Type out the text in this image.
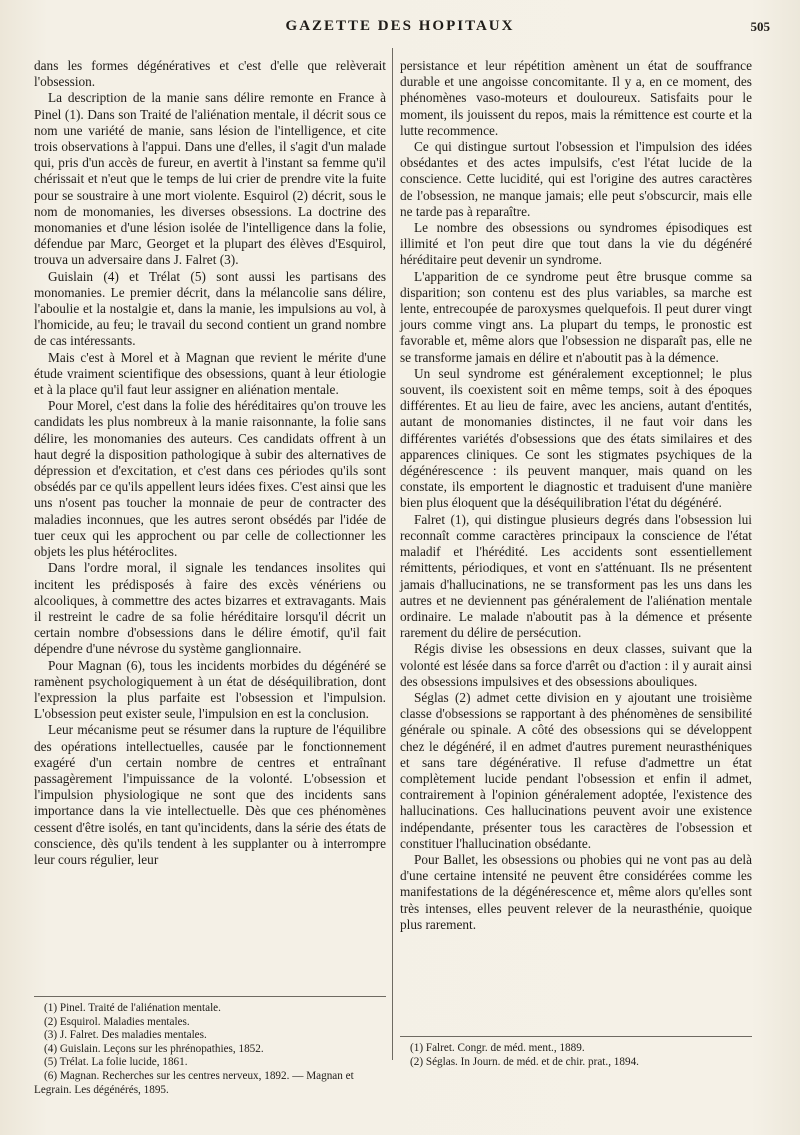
GAZETTE DES HOPITAUX	505

dans les formes dégénératives et c'est d'elle que relèverait l'obsession.

La description de la manie sans délire remonte en France à Pinel (1). Dans son Traité de l'aliénation mentale, il décrit sous ce nom une variété de manie, sans lésion de l'intelligence, et cite trois observations à l'appui. Dans une d'elles, il s'agit d'un malade qui, pris d'un accès de fureur, en avertit à l'instant sa femme qu'il chérissait et n'eut que le temps de lui crier de prendre vite la fuite pour se soustraire à une mort violente. Esquirol (2) décrit, sous le nom de monomanies, les diverses obsessions. La doctrine des monomanies et d'une lésion isolée de l'intelligence dans la folie, défendue par Marc, Georget et la plupart des élèves d'Esquirol, trouva un adversaire dans J. Falret (3).

Guislain (4) et Trélat (5) sont aussi les partisans des monomanies. Le premier décrit, dans la mélancolie sans délire, l'aboulie et la nostalgie et, dans la manie, les impulsions au vol, à l'homicide, au feu; le travail du second contient un grand nombre de cas intéressants.

Mais c'est à Morel et à Magnan que revient le mérite d'une étude vraiment scientifique des obsessions, quant à leur étiologie et à la place qu'il faut leur assigner en aliénation mentale.

Pour Morel, c'est dans la folie des héréditaires qu'on trouve les candidats les plus nombreux à la manie raisonnante, la folie sans délire, les monomanies des auteurs. Ces candidats offrent à un haut degré la disposition pathologique à subir des alternatives de dépression et d'excitation, et c'est dans ces périodes qu'ils sont obsédés par ce qu'ils appellent leurs idées fixes. C'est ainsi que les uns n'osent pas toucher la monnaie de peur de contracter des maladies inconnues, que les autres seront obsédés par l'idée de tuer ceux qui les approchent ou par celle de collectionner les objets les plus hétéroclites.

Dans l'ordre moral, il signale les tendances insolites qui incitent les prédisposés à faire des excès vénériens ou alcooliques, à commettre des actes bizarres et extravagants. Mais il restreint le cadre de sa folie héréditaire lorsqu'il décrit un certain nombre d'obsessions dans le délire émotif, qu'il fait dépendre d'une névrose du système ganglionnaire.

Pour Magnan (6), tous les incidents morbides du dégénéré se ramènent psychologiquement à un état de déséquilibration, dont l'expression la plus parfaite est l'obsession et l'impulsion. L'obsession peut exister seule, l'impulsion en est la conclusion.

Leur mécanisme peut se résumer dans la rupture de l'équilibre des opérations intellectuelles, causée par le fonctionnement exagéré d'un certain nombre de centres et entraînant passagèrement l'impuissance de la volonté. L'obsession et l'impulsion physiologique ne sont que des incidents sans importance dans la vie intellectuelle. Dès que ces phénomènes cessent d'être isolés, en tant qu'incidents, dans la série des états de conscience, dès qu'ils tendent à les supplanter ou à interrompre leur cours régulier, leur

persistance et leur répétition amènent un état de souffrance durable et une angoisse concomitante. Il y a, en ce moment, des phénomènes vaso-moteurs et douloureux. Satisfaits pour le moment, ils jouissent du repos, mais la rémittence est courte et la lutte recommence.

Ce qui distingue surtout l'obsession et l'impulsion des idées obsédantes et des actes impulsifs, c'est l'état lucide de la conscience. Cette lucidité, qui est l'origine des autres caractères de l'obsession, ne manque jamais; elle peut s'obscurcir, mais elle ne tarde pas à reparaître.

Le nombre des obsessions ou syndromes épisodiques est illimité et l'on peut dire que tout dans la vie du dégénéré héréditaire peut devenir un syndrome.

L'apparition de ce syndrome peut être brusque comme sa disparition; son contenu est des plus variables, sa marche est lente, entrecoupée de paroxysmes quelquefois. Il peut durer vingt jours comme vingt ans. La plupart du temps, le pronostic est favorable et, même alors que l'obsession ne disparaît pas, elle ne se transforme jamais en délire et n'aboutit pas à la démence.

Un seul syndrome est généralement exceptionnel; le plus souvent, ils coexistent soit en même temps, soit à des époques différentes. Et au lieu de faire, avec les anciens, autant d'entités, autant de monomanies distinctes, il ne faut voir dans les différentes variétés d'obsessions que des états similaires et des apparences cliniques. Ce sont les stigmates psychiques de la dégénérescence : ils peuvent manquer, mais quand on les constate, ils emportent le diagnostic et traduisent d'une manière bien plus éloquent que la déséquilibration l'état du dégénéré.

Falret (1), qui distingue plusieurs degrés dans l'obsession lui reconnaît comme caractères principaux la conscience de l'état maladif et l'hérédité. Les accidents sont essentiellement rémittents, périodiques, et vont en s'atténuant. Ils ne présentent jamais d'hallucinations, ne se transforment pas les uns dans les autres et ne deviennent pas généralement de l'aliénation mentale ordinaire. Le malade n'aboutit pas à la démence et présente rarement du délire de persécution.

Régis divise les obsessions en deux classes, suivant que la volonté est lésée dans sa force d'arrêt ou d'action : il y aurait ainsi des obsessions impulsives et des obsessions abouliques.

Séglas (2) admet cette division en y ajoutant une troisième classe d'obsessions se rapportant à des phénomènes de sensibilité générale ou spinale. A côté des obsessions qui se développent chez le dégénéré, il en admet d'autres purement neurasthéniques et sans tare dégénérative. Il refuse d'admettre un état complètement lucide pendant l'obsession et enfin il admet, contrairement à l'opinion généralement adoptée, l'existence des hallucinations. Ces hallucinations peuvent avoir une existence indépendante, présenter tous les caractères de l'obsession et constituer l'hallucination obsédante.

Pour Ballet, les obsessions ou phobies qui ne vont pas au delà d'une certaine intensité ne peuvent être considérées comme les manifestations de la dégénérescence et, même alors qu'elles sont très intenses, elles peuvent relever de la neurasthénie, quoique plus rarement.

(1) Pinel. Traité de l'aliénation mentale.

(2) Esquirol. Maladies mentales.

(3) J. Falret. Des maladies mentales.

(4) Guislain. Leçons sur les phrénopathies, 1852.

(5) Trélat. La folie lucide, 1861.

(6) Magnan. Recherches sur les centres nerveux, 1892. — Magnan et Legrain. Les dégénérés, 1895.

(1) Falret. Congr. de méd. ment., 1889.

(2) Séglas. In Journ. de méd. et de chir. prat., 1894.
